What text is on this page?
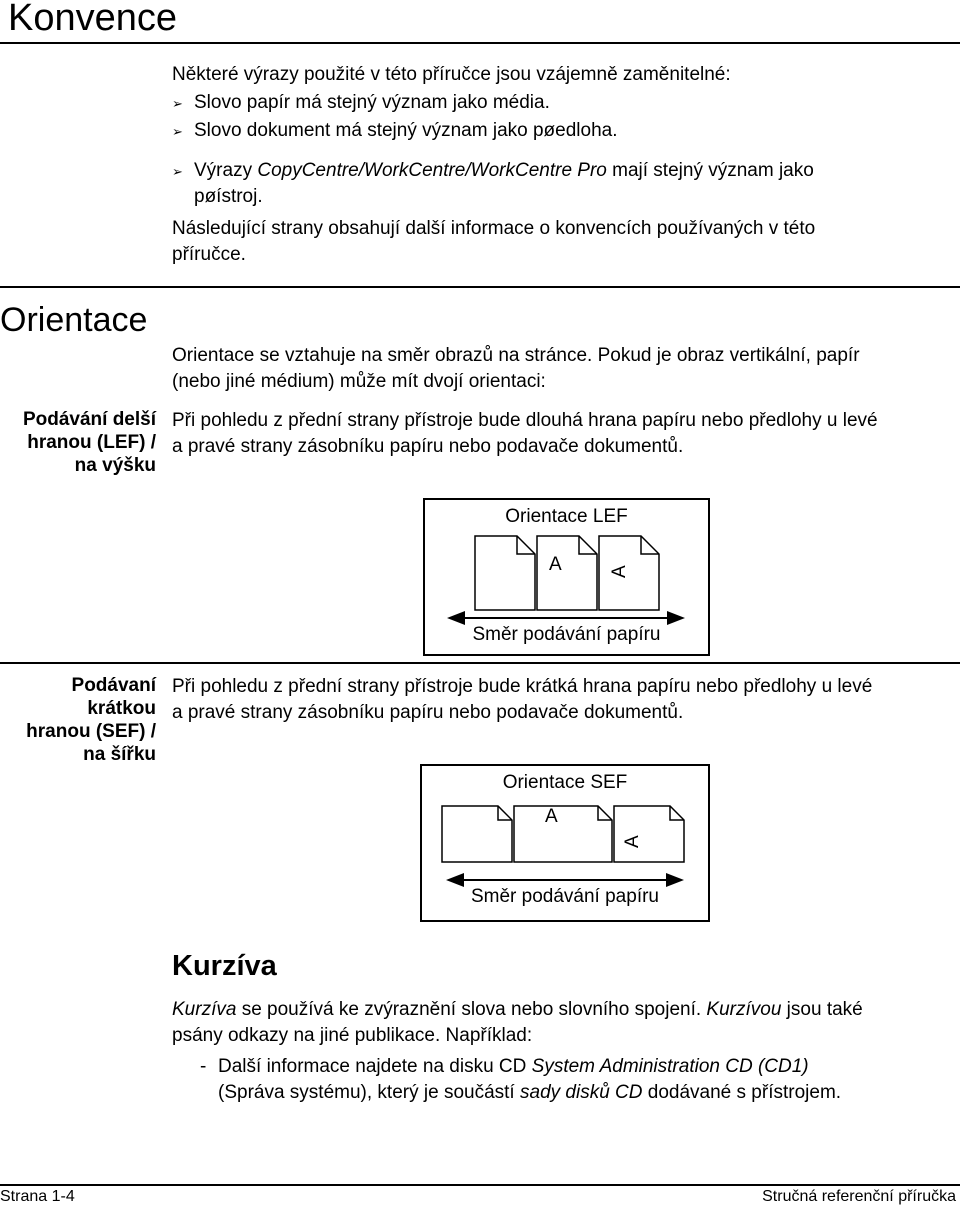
Konvence
Některé výrazy použité v této příručce jsou vzájemně zaměnitelné:
➢ Slovo papír má stejný význam jako média.
➢ Slovo dokument má stejný význam jako pøedloha.
➢ Výrazy CopyCentre/WorkCentre/WorkCentre Pro mají stejný význam jako
pøístroj.
Následující strany obsahují další informace o konvencích používaných v této
příručce.
Orientace
Orientace se vztahuje na směr obrazů na stránce. Pokud je obraz vertikální, papír
(nebo jiné médium) může mít dvojí orientaci:
Podávání delší
hranou (LEF) /
na výšku
Při pohledu z přední strany přístroje bude dlouhá hrana papíru nebo předlohy u levé
a pravé strany zásobníku papíru nebo podavače dokumentů.
Orientace LEF
A A
Směr podávání papíru
Podávaní
krátkou
hranou (SEF) /
na šířku
Při pohledu z přední strany přístroje bude krátká hrana papíru nebo předlohy u levé
a pravé strany zásobníku papíru nebo podavače dokumentů.
Orientace SEF
A
A
Směr podávání papíru
Kurzíva
Kurzíva se používá ke zvýraznění slova nebo slovního spojení. Kurzívou jsou také
psány odkazy na jiné publikace. Například:
- Další informace najdete na disku CD System Administration CD (CD1)
(Správa systému), který je součástí sady disků CD dodávané s přístrojem.
Strana 1-4	Stručná referenční příručka
